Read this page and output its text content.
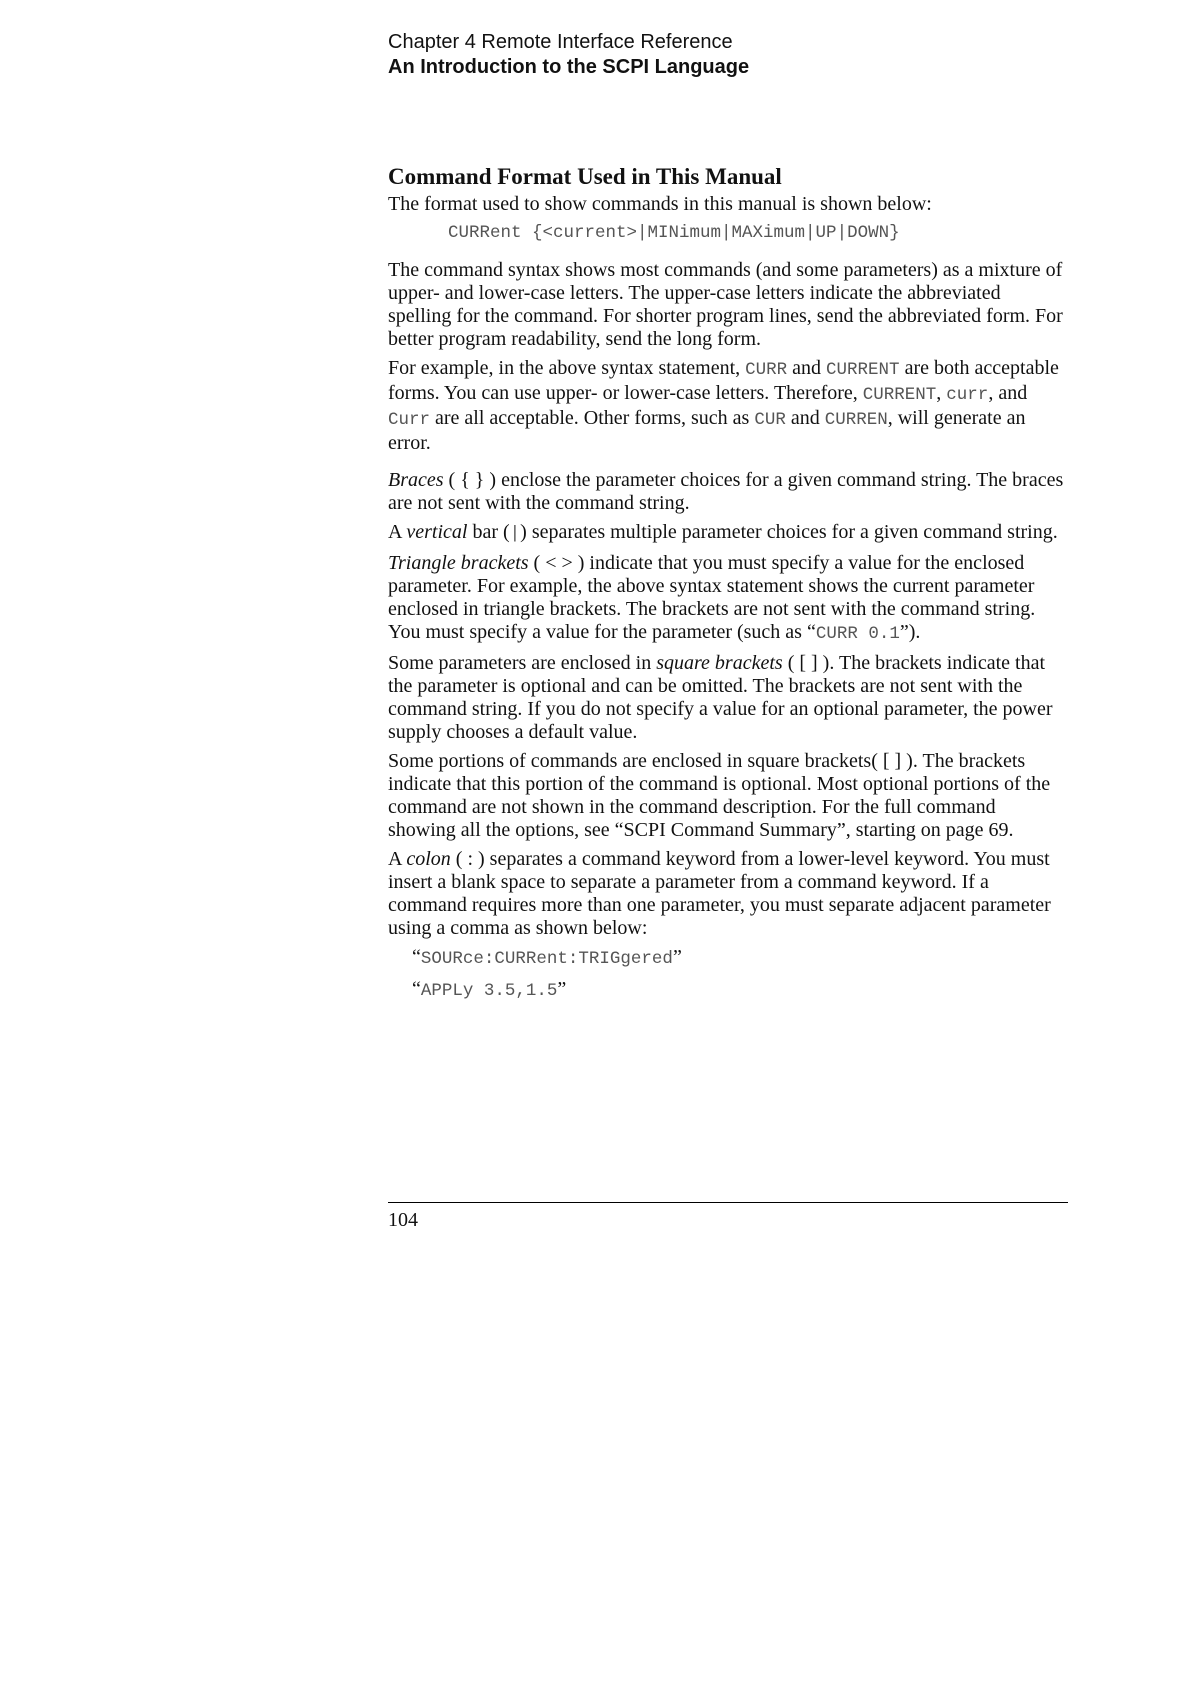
Chapter 4 Remote Interface Reference
An Introduction to the SCPI Language
Command Format Used in This Manual

The format used to show commands in this manual is shown below:

CURRent {<current>|MINimum|MAXimum|UP|DOWN}

The command syntax shows most commands (and some parameters) as a mixture of upper- and lower-case letters. The upper-case letters indicate the abbreviated spelling for the command. For shorter program lines, send the abbreviated form. For better program readability, send the long form.

For example, in the above syntax statement, CURR and CURRENT are both acceptable forms. You can use upper- or lower-case letters. Therefore, CURRENT, curr, and Curr are all acceptable. Other forms, such as CUR and CURREN, will generate an error.

Braces ( { } ) enclose the parameter choices for a given command string. The braces are not sent with the command string.

A vertical bar (|) separates multiple parameter choices for a given command string.

Triangle brackets ( < > ) indicate that you must specify a value for the enclosed parameter. For example, the above syntax statement shows the current parameter enclosed in triangle brackets. The brackets are not sent with the command string. You must specify a value for the parameter (such as “CURR 0.1”).

Some parameters are enclosed in square brackets ( [ ] ). The brackets indicate that the parameter is optional and can be omitted. The brackets are not sent with the command string. If you do not specify a value for an optional parameter, the power supply chooses a default value.

Some portions of commands are enclosed in square brackets( [ ] ). The brackets indicate that this portion of the command is optional. Most optional portions of the command are not shown in the command description. For the full command showing all the options, see “SCPI Command Summary”, starting on page 69.

A colon ( : ) separates a command keyword from a lower-level keyword. You must insert a blank space to separate a parameter from a command keyword. If a command requires more than one parameter, you must separate adjacent parameter using a comma as shown below:

“SOURce:CURRent:TRIGgered”
“APPLy 3.5,1.5”
104
